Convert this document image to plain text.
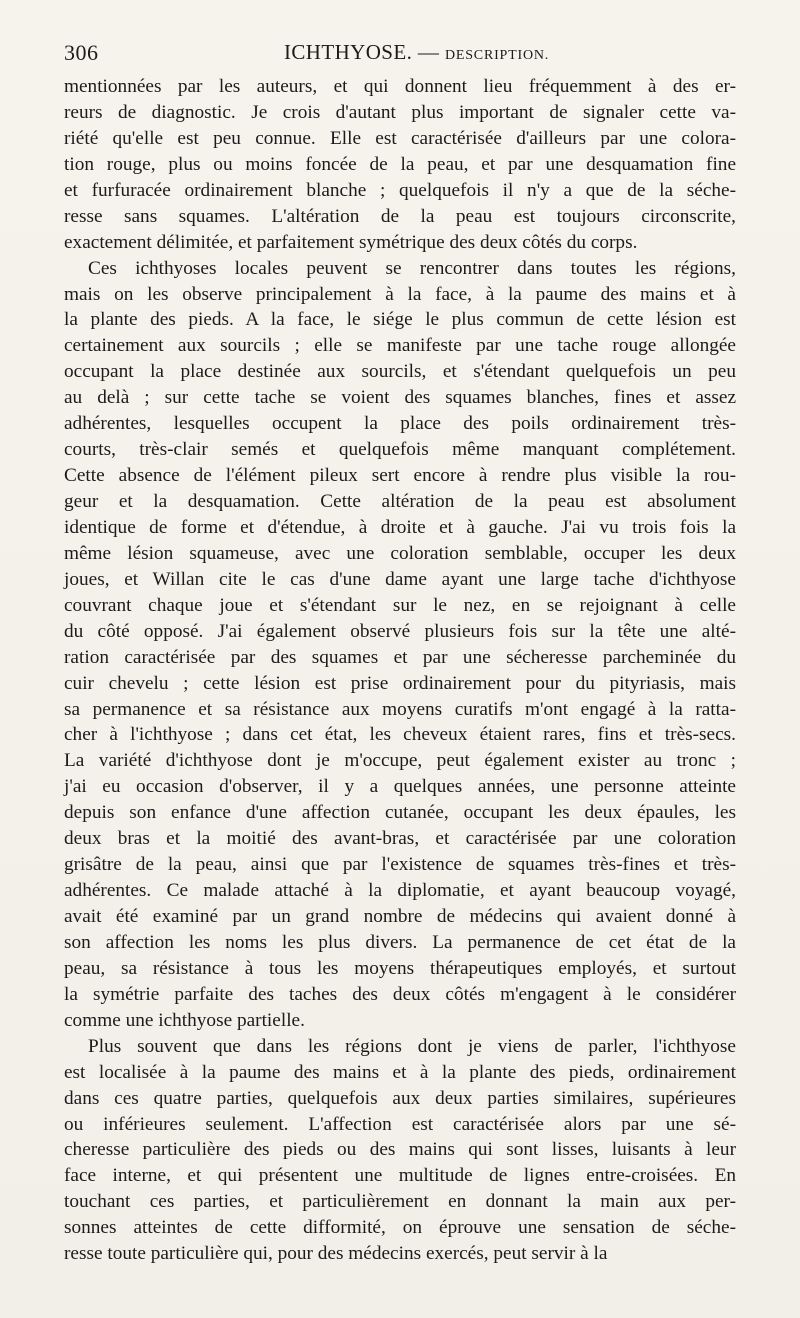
306	ICHTHYOSE. — DESCRIPTION.

mentionnées par les auteurs, et qui donnent lieu fréquemment à des er-
reurs de diagnostic. Je crois d'autant plus important de signaler cette va-
riété qu'elle est peu connue. Elle est caractérisée d'ailleurs par une colora-
tion rouge, plus ou moins foncée de la peau, et par une desquamation fine
et furfuracée ordinairement blanche ; quelquefois il n'y a que de la séche-
resse sans squames. L'altération de la peau est toujours circonscrite,
exactement délimitée, et parfaitement symétrique des deux côtés du corps.

Ces ichthyoses locales peuvent se rencontrer dans toutes les régions,
mais on les observe principalement à la face, à la paume des mains et à
la plante des pieds. A la face, le siége le plus commun de cette lésion est
certainement aux sourcils ; elle se manifeste par une tache rouge allongée
occupant la place destinée aux sourcils, et s'étendant quelquefois un peu
au delà ; sur cette tache se voient des squames blanches, fines et assez
adhérentes, lesquelles occupent la place des poils ordinairement très-
courts, très-clair semés et quelquefois même manquant complétement.
Cette absence de l'élément pileux sert encore à rendre plus visible la rou-
geur et la desquamation. Cette altération de la peau est absolument
identique de forme et d'étendue, à droite et à gauche. J'ai vu trois fois la
même lésion squameuse, avec une coloration semblable, occuper les deux
joues, et Willan cite le cas d'une dame ayant une large tache d'ichthyose
couvrant chaque joue et s'étendant sur le nez, en se rejoignant à celle
du côté opposé. J'ai également observé plusieurs fois sur la tête une alté-
ration caractérisée par des squames et par une sécheresse parcheminée du
cuir chevelu ; cette lésion est prise ordinairement pour du pityriasis, mais
sa permanence et sa résistance aux moyens curatifs m'ont engagé à la ratta-
cher à l'ichthyose ; dans cet état, les cheveux étaient rares, fins et très-secs.
La variété d'ichthyose dont je m'occupe, peut également exister au tronc ;
j'ai eu occasion d'observer, il y a quelques années, une personne atteinte
depuis son enfance d'une affection cutanée, occupant les deux épaules, les
deux bras et la moitié des avant-bras, et caractérisée par une coloration
grisâtre de la peau, ainsi que par l'existence de squames très-fines et très-
adhérentes. Ce malade attaché à la diplomatie, et ayant beaucoup voyagé,
avait été examiné par un grand nombre de médecins qui avaient donné à
son affection les noms les plus divers. La permanence de cet état de la
peau, sa résistance à tous les moyens thérapeutiques employés, et surtout
la symétrie parfaite des taches des deux côtés m'engagent à le considérer
comme une ichthyose partielle.

Plus souvent que dans les régions dont je viens de parler, l'ichthyose
est localisée à la paume des mains et à la plante des pieds, ordinairement
dans ces quatre parties, quelquefois aux deux parties similaires, supérieures
ou inférieures seulement. L'affection est caractérisée alors par une sé-
cheresse particulière des pieds ou des mains qui sont lisses, luisants à leur
face interne, et qui présentent une multitude de lignes entre-croisées. En
touchant ces parties, et particulièrement en donnant la main aux per-
sonnes atteintes de cette difformité, on éprouve une sensation de séche-
resse toute particulière qui, pour des médecins exercés, peut servir à la
